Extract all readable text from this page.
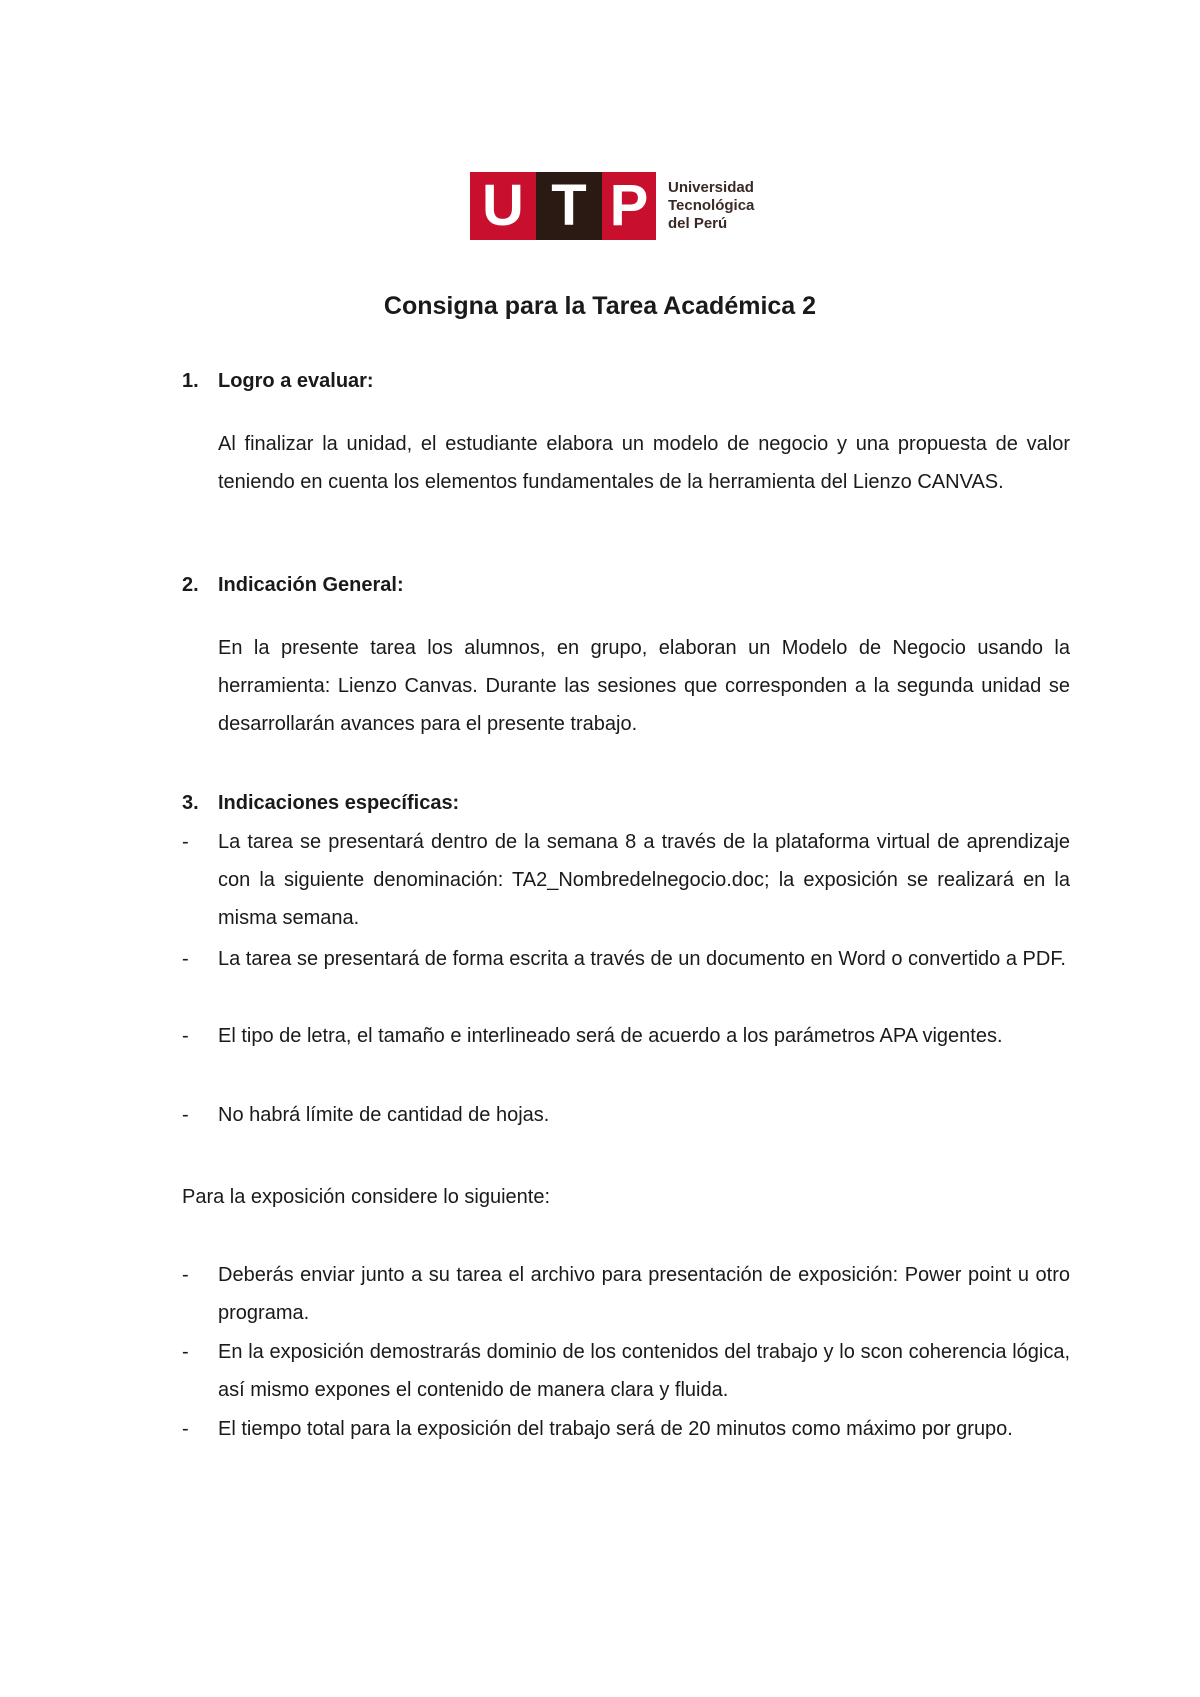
U T P	Universidad
Tecnológica
del Perú
Consigna para la Tarea Académica 2
1. Logro a evaluar:
Al finalizar la unidad, el estudiante elabora un modelo de negocio y una propuesta de valor teniendo en cuenta los elementos fundamentales de la herramienta del Lienzo CANVAS.
2. Indicación General:
En la presente tarea los alumnos, en grupo, elaboran un Modelo de Negocio usando la herramienta: Lienzo Canvas. Durante las sesiones que corresponden a la segunda unidad se desarrollarán avances para el presente trabajo.
3. Indicaciones específicas:
-	La tarea se presentará dentro de la semana 8 a través de la plataforma virtual de aprendizaje con la siguiente denominación: TA2_Nombredelnegocio.doc; la exposición se realizará en la misma semana.
-	La tarea se presentará de forma escrita a través de un documento en Word o convertido a PDF.
-	El tipo de letra, el tamaño e interlineado será de acuerdo a los parámetros APA vigentes.
-	No habrá límite de cantidad de hojas.
Para la exposición considere lo siguiente:
-	Deberás enviar junto a su tarea el archivo para presentación de exposición: Power point u otro programa.
-	En la exposición demostrarás dominio de los contenidos del trabajo y lo scon coherencia lógica, así mismo expones el contenido de manera clara y fluida.
-	El tiempo total para la exposición del trabajo será de 20 minutos como máximo por grupo.
